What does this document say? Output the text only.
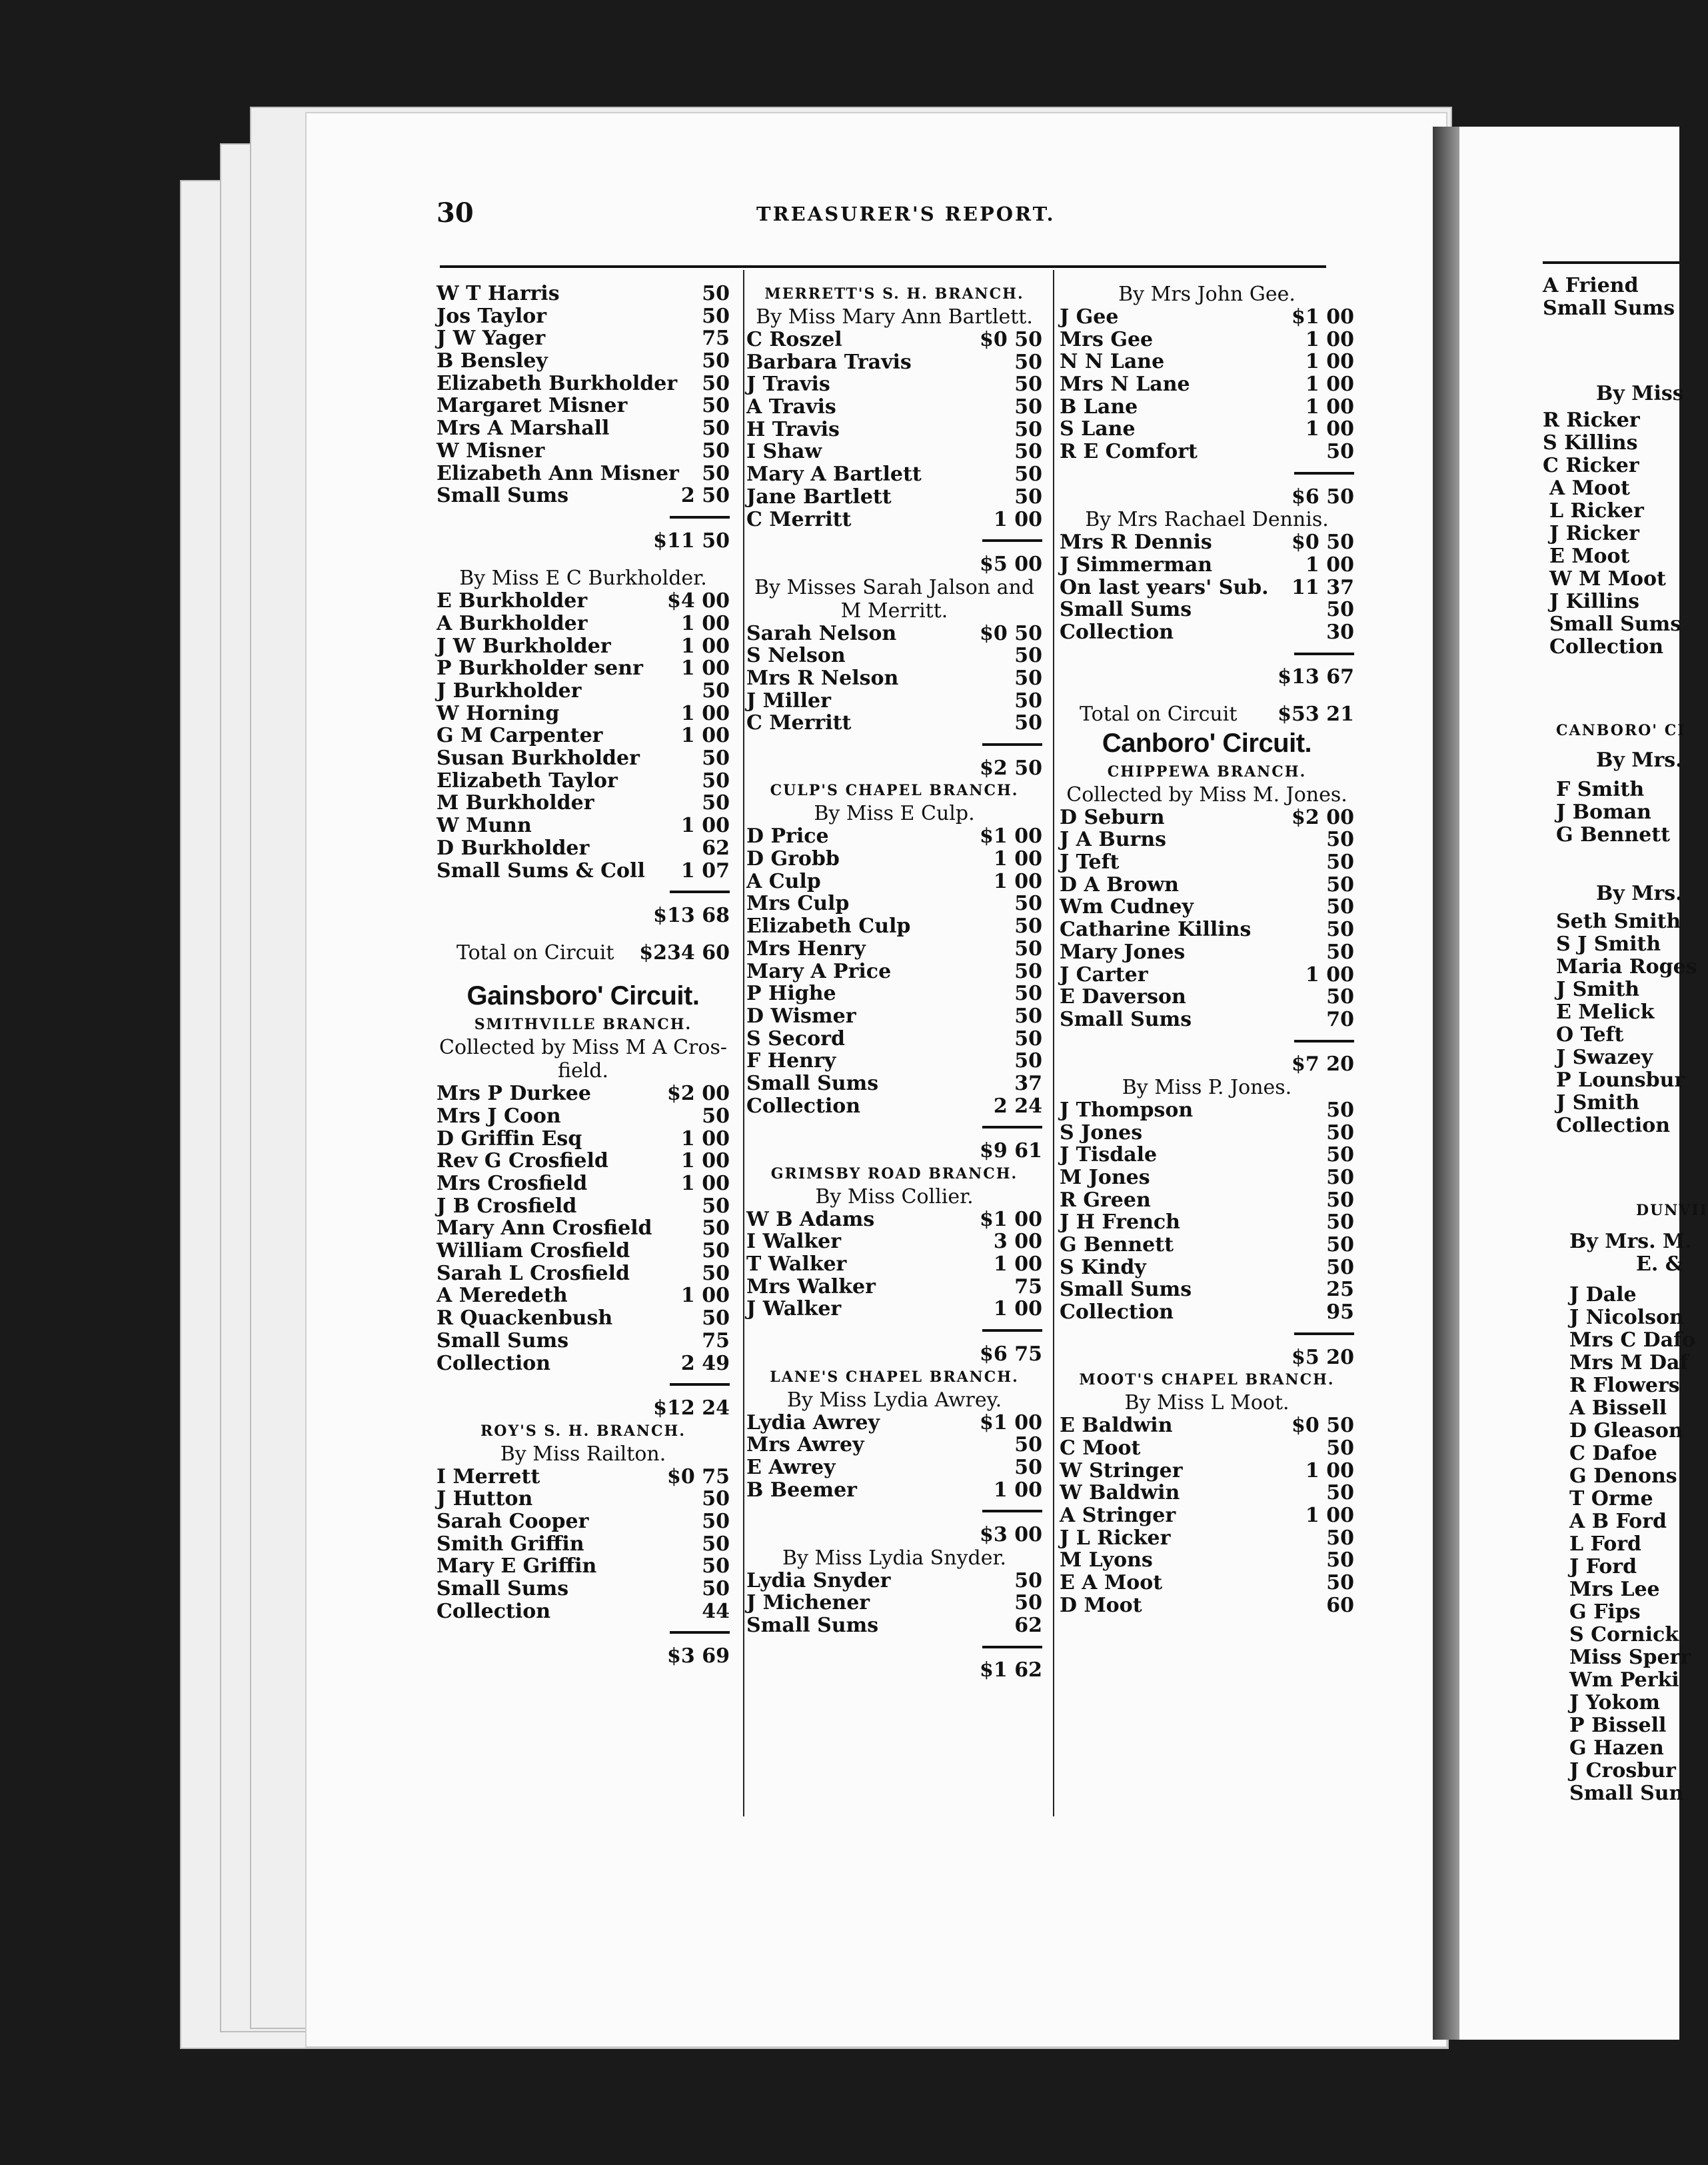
30	TREASURER'S REPORT.
W T Harris	50
Jos Taylor	50
J W Yager	75
B Bensley	50
Elizabeth Burkholder	50
Margaret Misner	50
Mrs A Marshall	50
W Misner	50
Elizabeth Ann Misner	50
Small Sums	2 50
$11 50
By Miss E C Burkholder.
E Burkholder	$4 00
A Burkholder	1 00
J W Burkholder	1 00
P Burkholder senr	1 00
J Burkholder	50
W Horning	1 00
G M Carpenter	1 00
Susan Burkholder	50
Elizabeth Taylor	50
M Burkholder	50
W Munn	1 00
D Burkholder	62
Small Sums & Coll	1 07
$13 68
Total on Circuit	$234 60
Gainsboro' Circuit.
SMITHVILLE BRANCH.
Collected by Miss M A Cros-
field.
Mrs P Durkee	$2 00
Mrs J Coon	50
D Griffin Esq	1 00
Rev G Crosfield	1 00
Mrs Crosfield	1 00
J B Crosfield	50
Mary Ann Crosfield	50
William Crosfield	50
Sarah L Crosfield	50
A Meredeth	1 00
R Quackenbush	50
Small Sums	75
Collection	2 49
$12 24
ROY'S S. H. BRANCH.
By Miss Railton.
I Merrett	$0 75
J Hutton	50
Sarah Cooper	50
Smith Griffin	50
Mary E Griffin	50
Small Sums	50
Collection	44
$3 69
MERRETT'S S. H. BRANCH.
By Miss Mary Ann Bartlett.
C Roszel	$0 50
Barbara Travis	50
J Travis	50
A Travis	50
H Travis	50
I Shaw	50
Mary A Bartlett	50
Jane Bartlett	50
C Merritt	1 00
$5 00
By Misses Sarah Jalson and
M Merritt.
Sarah Nelson	$0 50
S Nelson	50
Mrs R Nelson	50
J Miller	50
C Merritt	50
$2 50
CULP'S CHAPEL BRANCH.
By Miss E Culp.
D Price	$1 00
D Grobb	1 00
A Culp	1 00
Mrs Culp	50
Elizabeth Culp	50
Mrs Henry	50
Mary A Price	50
P Highe	50
D Wismer	50
S Secord	50
F Henry	50
Small Sums	37
Collection	2 24
$9 61
GRIMSBY ROAD BRANCH.
By Miss Collier.
W B Adams	$1 00
I Walker	3 00
T Walker	1 00
Mrs Walker	75
J Walker	1 00
$6 75
LANE'S CHAPEL BRANCH.
By Miss Lydia Awrey.
Lydia Awrey	$1 00
Mrs Awrey	50
E Awrey	50
B Beemer	1 00
$3 00
By Miss Lydia Snyder.
Lydia Snyder	50
J Michener	50
Small Sums	62
$1 62
By Mrs John Gee.
J Gee	$1 00
Mrs Gee	1 00
N N Lane	1 00
Mrs N Lane	1 00
B Lane	1 00
S Lane	1 00
R E Comfort	50
$6 50
By Mrs Rachael Dennis.
Mrs R Dennis	$0 50
J Simmerman	1 00
On last years' Sub.	11 37
Small Sums	50
Collection	30
$13 67
Total on Circuit	$53 21
Canboro' Circuit.
CHIPPEWA BRANCH.
Collected by Miss M. Jones.
D Seburn	$2 00
J A Burns	50
J Teft	50
D A Brown	50
Wm Cudney	50
Catharine Killins	50
Mary Jones	50
J Carter	1 00
E Daverson	50
Small Sums	70
$7 20
By Miss P. Jones.
J Thompson	50
S Jones	50
J Tisdale	50
M Jones	50
R Green	50
J H French	50
G Bennett	50
S Kindy	50
Small Sums	25
Collection	95
$5 20
MOOT'S CHAPEL BRANCH.
By Miss L Moot.
E Baldwin	$0 50
C Moot	50
W Stringer	1 00
W Baldwin	50
A Stringer	1 00
J L Ricker	50
M Lyons	50
E A Moot	50
D Moot	60
A Friend
Small Sums
By Miss
R Ricker
S Killins
C Ricker
A Moot
L Ricker
J Ricker
E Moot
W M Moot
J Killins
Small Sums
Collection
CANBORO' CI
By Mrs.
F Smith
J Boman
G Bennett
By Mrs.
Seth Smith
S J Smith
Maria Roges
J Smith
E Melick
O Teft
J Swazey
P Lounsbur
J Smith
Collection
DUNVII
By Mrs. M.
E. &
J Dale
J Nicolson
Mrs C Dafo
Mrs M Daf
R Flowers
A Bissell
D Gleason
C Dafoe
G Denons
T Orme
A B Ford
L Ford
J Ford
Mrs Lee
G Fips
S Cornick
Miss Sperr
Wm Perki
J Yokom
P Bissell
G Hazen
J Crosbur
Small Sun
